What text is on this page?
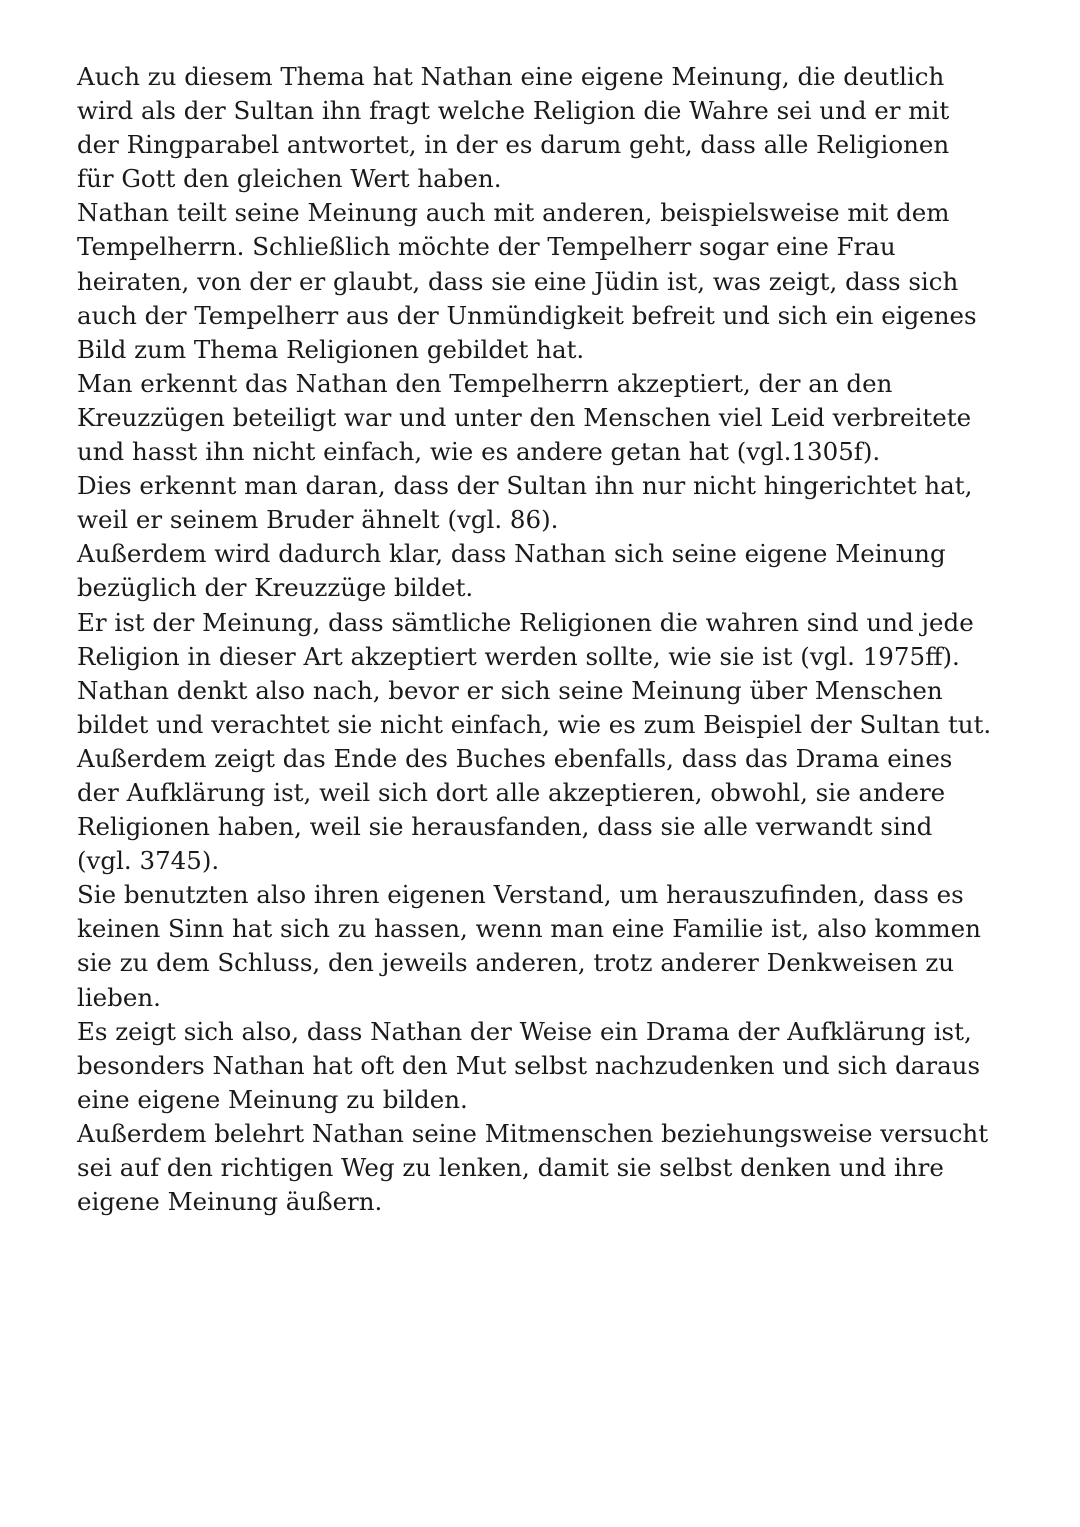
Auch zu diesem Thema hat Nathan eine eigene Meinung, die deutlich
wird als der Sultan ihn fragt welche Religion die Wahre sei und er mit
der Ringparabel antwortet, in der es darum geht, dass alle Religionen
für Gott den gleichen Wert haben.
Nathan teilt seine Meinung auch mit anderen, beispielsweise mit dem
Tempelherrn. Schließlich möchte der Tempelherr sogar eine Frau
heiraten, von der er glaubt, dass sie eine Jüdin ist, was zeigt, dass sich
auch der Tempelherr aus der Unmündigkeit befreit und sich ein eigenes
Bild zum Thema Religionen gebildet hat.
Man erkennt das Nathan den Tempelherrn akzeptiert, der an den
Kreuzzügen beteiligt war und unter den Menschen viel Leid verbreitete
und hasst ihn nicht einfach, wie es andere getan hat (vgl.1305f).
Dies erkennt man daran, dass der Sultan ihn nur nicht hingerichtet hat,
weil er seinem Bruder ähnelt (vgl. 86).
Außerdem wird dadurch klar, dass Nathan sich seine eigene Meinung
bezüglich der Kreuzzüge bildet.
Er ist der Meinung, dass sämtliche Religionen die wahren sind und jede
Religion in dieser Art akzeptiert werden sollte, wie sie ist (vgl. 1975ff).
Nathan denkt also nach, bevor er sich seine Meinung über Menschen
bildet und verachtet sie nicht einfach, wie es zum Beispiel der Sultan tut.
Außerdem zeigt das Ende des Buches ebenfalls, dass das Drama eines
der Aufklärung ist, weil sich dort alle akzeptieren, obwohl, sie andere
Religionen haben, weil sie herausfanden, dass sie alle verwandt sind
(vgl. 3745).
Sie benutzten also ihren eigenen Verstand, um herauszufinden, dass es
keinen Sinn hat sich zu hassen, wenn man eine Familie ist, also kommen
sie zu dem Schluss, den jeweils anderen, trotz anderer Denkweisen zu
lieben.
Es zeigt sich also, dass Nathan der Weise ein Drama der Aufklärung ist,
besonders Nathan hat oft den Mut selbst nachzudenken und sich daraus
eine eigene Meinung zu bilden.
Außerdem belehrt Nathan seine Mitmenschen beziehungsweise versucht
sei auf den richtigen Weg zu lenken, damit sie selbst denken und ihre
eigene Meinung äußern.
